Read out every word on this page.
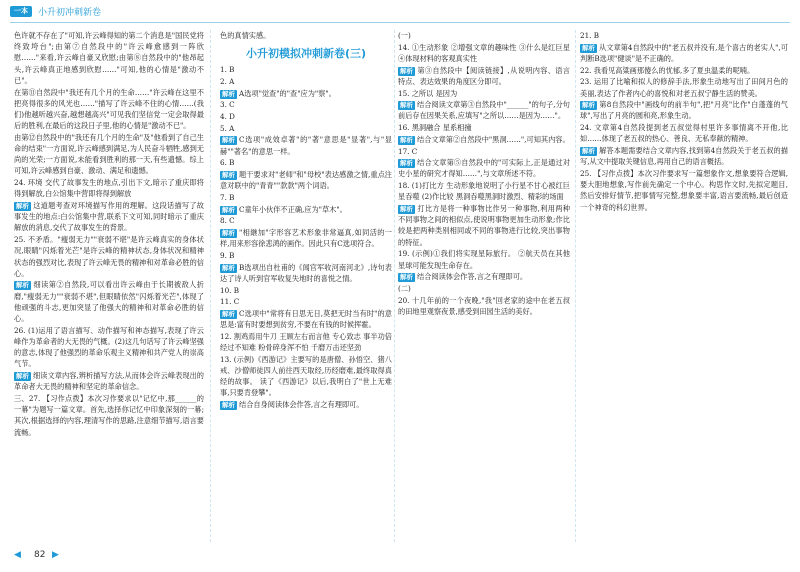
一本	小升初冲刺新卷

色许就不存在了"可知,许云峰得知的第二个消息是"国民党将终致垮台";由第⑦自然段中的"许云峰愈感到一阵欣慰……"来看,许云峰自豪又欣慰;由第⑧自然段中的"他昂起头,许云峰真正地感到欣慰……"可知,他的心情是"激动不已"。

在第⑪自然段中"我还有几个月的生命……"许云峰在这里不把亮得很多的风光也……"描写了许云峰不住的心情……(我们)他越听越兴奋,越想越高兴"可见我们坚信党一定会取得最后的胜利,在最后的这段日子里,他的心情是"激动不已"。

由第⑫自然段中的"我还有几个月的生命"及"他看到了自己生命的结束"一方面说,许云峰感到满足,为人民奋斗牺牲,感到无尚的光荣;一方面说,未能看到胜利的那一天,有些遗憾。综上可知,许云峰感到自豪、激动、满足和遗憾。

24. 环境 交代了故事发生的地点,引出下文,暗示了重庆即将得到解放,白公馆集中营即将得到解放

解析 这道题考查对环境描写作用的理解。这段话描写了故事发生的地点:白公馆集中营,联系下文可知,同时暗示了重庆解放的消息,交代了故事发生的背景。

25. 不矛盾。"瘦弱无力""衰弱不堪"是许云峰真实的身体状况,眼睛"闪烁着光芒"是许云峰的精神状态,身体状况和精神状态的强烈对比,表现了许云峰无畏的精神和对革命必胜的信心。

解析 细读第②自然段,可以看出许云峰由于长期被敌人折磨,"瘦弱无力""衰弱不堪",但眼睛依然"闪烁着光芒",体现了他顽强的斗志,更加突显了他强大的精神和对革命必胜的信心。

26. (1)运用了语言描写、动作描写和神态描写,表现了许云峰作为革命者的大无畏的气概。(2)这几句话写了许云峰坚强的意志,体现了他强烈的革命乐观主义精神和共产党人的崇高气节。

解析 细读文章内容,辨析描写方法,从而体会许云峰表现出的革命者大无畏的精神和坚定的革命信念。

三、27. 【习作点拨】本次习作要求以"记忆中,那______的一幕"为题写一篇文章。首先,选择你记忆中印象深刻的一幕;其次,根据选择的内容,理清写作的思路,注意细节描写,语言要流畅。

色的真情实感。

小升初模拟冲刺新卷(三)

1. B

2. A

解析 A选项"觉查"的"查"应为"察"。

3. C

4. D

5. A

解析 C选项"成效卓著"的"著"意思是"显著",与"显赫""著名"的意思一样。

6. B

解析 题干要求对"老师"和"母校"表达感激之情,重点注意对联中的"青青""款款"两个词语。

7. B

解析 C童年小伙伴不正确,应为"草木"。

8. C

解析 "相継加"字形容艺术形象非常逼真,如同活的一样,用来形容徐悲鸿的画作。因此只有C选项符合。

9. B

解析 B选项出自杜甫的《闻官军收河南河北》,诗句表达了诗人听到官军收复失地时的喜悦之情。

10. B

11. C

解析 C选项中"常将有日思无日,莫把无时当有时"的意思是:富有时要想到贫穷,不要在有钱的时候挥霍。

12. 割鸡焉用牛刀 王顾左右而言他 专心致志 事半功倍 经过不知难 粉骨碎身浑不怕 千磨万击还坚劲

13. (示例)《西游记》主要写的是唐僧、孙悟空、猪八戒、沙僧师徒四人前往西天取经,历经磨难,最终取得真经的故事。 读了《西游记》以后,我明白了"世上无难事,只要肯登攀"。

解析 结合自身阅读体会作答,言之有理即可。

(一)

14. ①生动形象 ②增强文章的趣味性 ③什么是红巨星 ④体现材料的客观真实性

解析 第③自然段中【阅读链接】,从说明内容、语言特点、表达效果的角度区分即可。

15. 之所以 是因为

解析 结合阅读文章第③自然段中"______"的句子,分句前后存在因果关系,应填写"之所以……是因为……"。

16. 黑洞融合 星系相撞

解析 结合文章第②自然段中"黑洞……",可知其内容。

17. C

解析 结合文章第⑤自然段中的"可实际上,正是通过对史小星的研究才得知……",与文章所述不符。

18. (1)打比方 生动形象地说明了小行星不甘心被红巨星吞噬 (2)作比较 黑洞吞噬黑洞时激烈、精彩的场面

解析 打比方是将一种事物比作另一种事物,利用两种不同事物之间的相似点,使说明事物更加生动形象;作比较是把两种类别相同或不同的事物进行比较,突出事物的特征。

19. (示例)①我们将实现星际旅行。 ②航天员在其他星球可能发现生命存在。

解析 结合阅读体会作答,言之有理即可。

(二)

20. 十几年前的一个夜晚,"我"回老家的途中在老五叔的田地里观察夜景,感受到田园生活的美好。

21. B

解析 从文章第4自然段中的"老五叔并没有,是个喜古的老实人",可判断B选项"健谈"是不正确的。

22. 我看见高粱画那傻么的忧郁,多了夏虫温柔的呢喃。

23. 运用了比喻和拟人的修辞手法,形象生动地写出了田间月色的美丽,表达了作者内心的喜悦和对老五叔宁静生活的赞美。

解析 第8自然段中"画线句的前半句",把"月亮"比作"白蓬蓬的气球",写出了月亮的圆和亮,形象生动。

24. 文章第4自然段提到老五叔觉得村里许多事情离不开他,比如……体现了老五叔的热心、善良、无私奉献的精神。

解析 解答本题需要结合文章内容,找到第4自然段关于老五叔的描写,从文中提取关键信息,再用自己的语言概括。

25. 【习作点拨】本次习作要求写一篇想象作文,想象要符合逻辑,要大胆地想象,写作前先确定一个中心。构思作文时,先拟定题目,然后安排好情节,把事情写完整,想象要丰富,语言要流畅,最后创造一个神奇的科幻世界。

◀ 82 ▶
